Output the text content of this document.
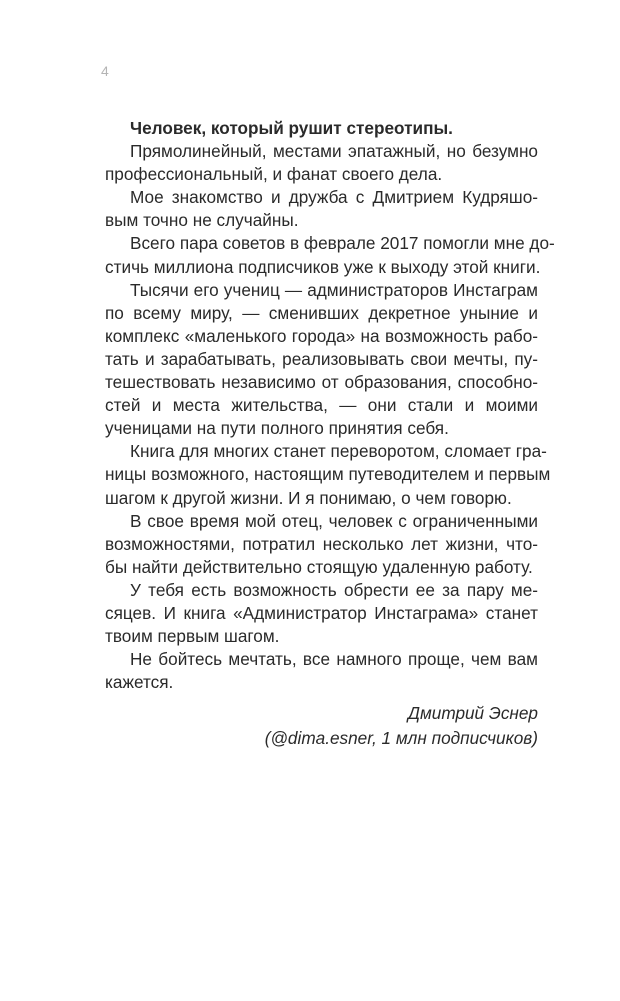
4
Человек, который рушит стереотипы.
Прямолинейный, местами эпатажный, но безумно
профессиональный, и фанат своего дела.
Мое знакомство и дружба с Дмитрием Кудряшо-
вым точно не случайны.
Всего пара советов в феврале 2017 помогли мне до-
стичь миллиона подписчиков уже к выходу этой книги.
Тысячи его учениц — администраторов Инстаграм
по всему миру, — сменивших декретное уныние и
комплекс «маленького города» на возможность рабо-
тать и зарабатывать, реализовывать свои мечты, пу-
тешествовать независимо от образования, способно-
стей и места жительства, — они стали и моими
ученицами на пути полного принятия себя.
Книга для многих станет переворотом, сломает гра-
ницы возможного, настоящим путеводителем и первым
шагом к другой жизни. И я понимаю, о чем говорю.
В свое время мой отец, человек с ограниченными
возможностями, потратил несколько лет жизни, что-
бы найти действительно стоящую удаленную работу.
У тебя есть возможность обрести ее за пару ме-
сяцев. И книга «Администратор Инстаграма» станет
твоим первым шагом.
Не бойтесь мечтать, все намного проще, чем вам
кажется.
Дмитрий Эснер
(@dima.esner, 1 млн подписчиков)
